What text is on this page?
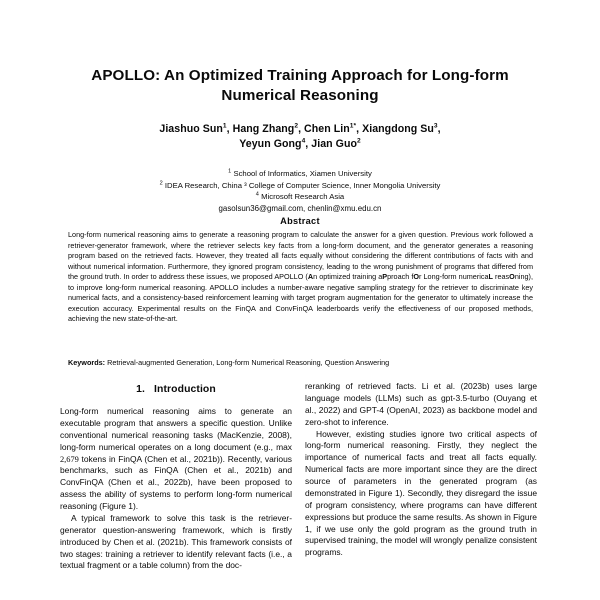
APOLLO: An Optimized Training Approach for Long-form Numerical Reasoning
Jiashuo Sun$^1$, Hang Zhang$^2$, Chen Lin$^{1*}$, Xiangdong Su$^3$,
Yeyun Gong$^4$, Jian Guo$^2$
$^1$ School of Informatics, Xiamen University
$^2$ IDEA Research, China ³ College of Computer Science, Inner Mongolia University
$^4$ Microsoft Research Asia
gasolsun36@gmail.com, chenlin@xmu.edu.cn
Abstract
Long-form numerical reasoning aims to generate a reasoning program to calculate the answer for a given question. Previous work followed a retriever-generator framework, where the retriever selects key facts from a long-form document, and the generator generates a reasoning program based on the retrieved facts. However, they treated all facts equally without considering the different contributions of facts with and without numerical information. Furthermore, they ignored program consistency, leading to the wrong punishment of programs that differed from the ground truth. In order to address these issues, we proposed APOLLO (An optimized training aPproach fOr Long-form numericaL reasOning), to improve long-form numerical reasoning. APOLLO includes a number-aware negative sampling strategy for the retriever to discriminate key numerical facts, and a consistency-based reinforcement learning with target program augmentation for the generator to ultimately increase the execution accuracy. Experimental results on the FinQA and ConvFinQA leaderboards verify the effectiveness of our proposed methods, achieving the new state-of-the-art.
Keywords: Retrieval-augmented Generation, Long-form Numerical Reasoning, Question Answering
1. Introduction

Long-form numerical reasoning aims to generate an executable program that answers a specific question. Unlike conventional numerical reasoning tasks (MacKenzie, 2008), long-form numerical operates on a long document (e.g., max 2,679 tokens in FinQA (Chen et al., 2021b)). Recently, various benchmarks, such as FinQA (Chen et al., 2021b) and ConvFinQA (Chen et al., 2022b), have been proposed to assess the ability of systems to perform long-form numerical reasoning (Figure 1).

A typical framework to solve this task is the retriever-generator question-answering framework, which is firstly introduced by Chen et al. (2021b). This framework consists of two stages: training a retriever to identify relevant facts (i.e., a textual fragment or a table column) from the doc-

reranking of retrieved facts. Li et al. (2023b) uses large language models (LLMs) such as gpt-3.5-turbo (Ouyang et al., 2022) and GPT-4 (OpenAI, 2023) as backbone model and zero-shot to inference.

However, existing studies ignore two critical aspects of long-form numerical reasoning. Firstly, they neglect the importance of numerical facts and treat all facts equally. Numerical facts are more important since they are the direct source of parameters in the generated program (as demonstrated in Figure 1). Secondly, they disregard the issue of program consistency, where programs can have different expressions but produce the same results. As shown in Figure 1, if we use only the gold program as the ground truth in supervised training, the model will wrongly penalize consistent programs.
